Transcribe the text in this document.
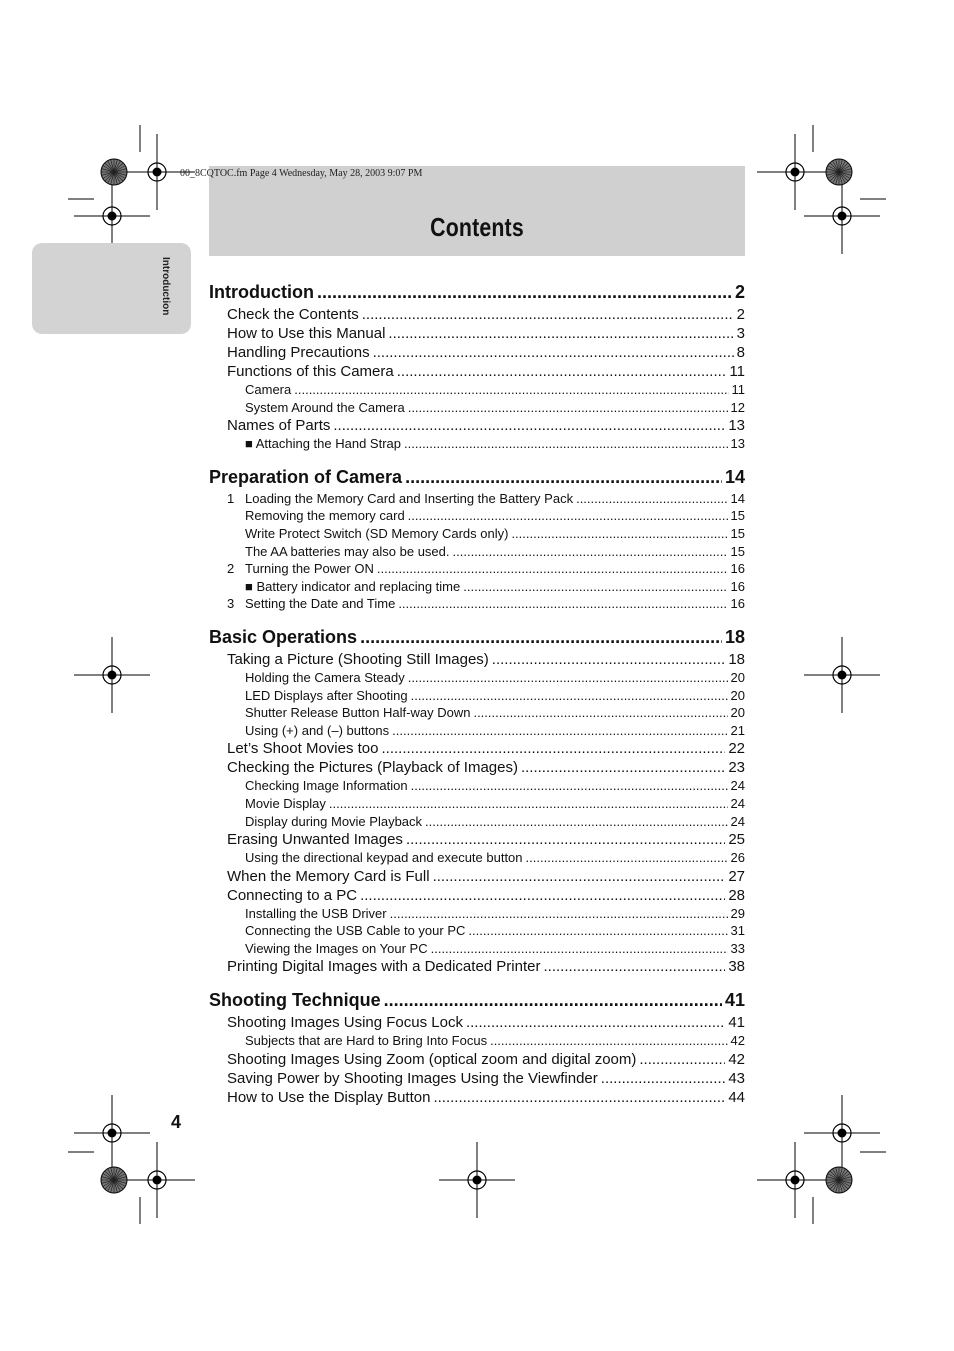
00_8CQTOC.fm Page 4 Wednesday, May 28, 2003 9:07 PM
Contents
Introduction Introduction .....	2
Check the Contents .....	2
How to Use this Manual .....	3
Handling Precautions .....	8
Functions of this Camera .....	11
Camera .....	11
System Around the Camera .....	12
Names of Parts .....	13
■ Attaching the Hand Strap .....	13
Preparation of Camera .....	14
1 Loading the Memory Card and Inserting the Battery Pack .....	14
Removing the memory card .....	15
Write Protect Switch (SD Memory Cards only) .....	15
The AA batteries may also be used. .....	15
2 Turning the Power ON .....	16
■ Battery indicator and replacing time .....	16
3 Setting the Date and Time .....	16
Basic Operations .....	18
Taking a Picture (Shooting Still Images) .....	18
Holding the Camera Steady .....	20
LED Displays after Shooting .....	20
Shutter Release Button Half-way Down .....	20
Using (+) and (–) buttons .....	21
Let’s Shoot Movies too .....	22
Checking the Pictures (Playback of Images) .....	23
Checking Image Information .....	24
Movie Display .....	24
Display during Movie Playback .....	24
Erasing Unwanted Images .....	25
Using the directional keypad and execute button .....	26
When the Memory Card is Full .....	27
Connecting to a PC .....	28
Installing the USB Driver .....	29
Connecting the USB Cable to your PC .....	31
Viewing the Images on Your PC .....	33
Printing Digital Images with a Dedicated Printer .....	38
Shooting Technique .....	41
Shooting Images Using Focus Lock .....	41
Subjects that are Hard to Bring Into Focus .....	42
Shooting Images Using Zoom (optical zoom and digital zoom) .....	42
Saving Power by Shooting Images Using the Viewfinder .....	43
How to Use the Display Button .....	44
4
